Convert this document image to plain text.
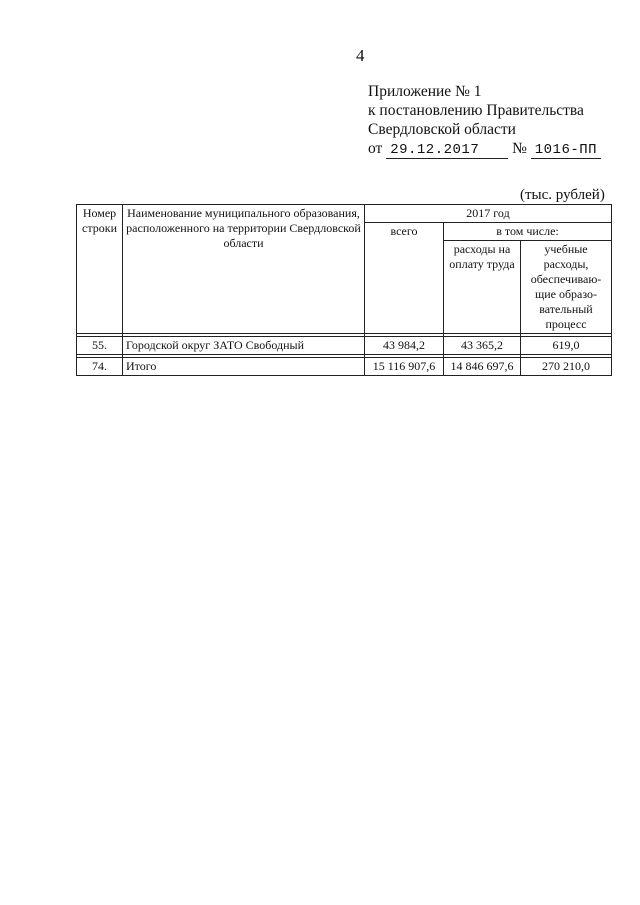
4
Приложение № 1
к постановлению Правительства
Свердловской области
от 29.12.2017 № 1016-ПП
(тыс. рублей)
Номер строки	Наименование муниципального образования, расположенного на территории Свердловской области	2017 год		
		всего	в том числе:	
			расходы на оплату труда	учебные расходы, обеспечиваю-щие образо-вательный процесс

55.	Городской округ ЗАТО Свободный	43 984,2	43 365,2	619,0

74.	Итого	15 116 907,6	14 846 697,6	270 210,0
